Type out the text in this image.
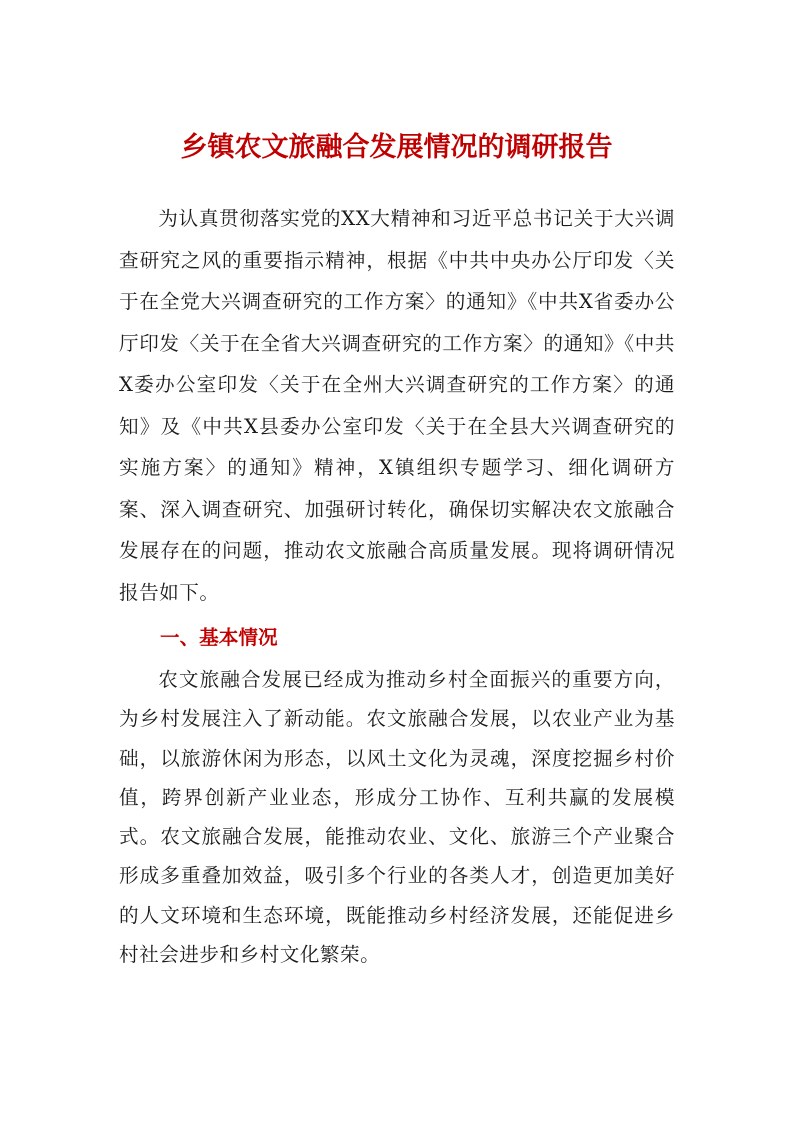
乡镇农文旅融合发展情况的调研报告
为认真贯彻落实党的XX大精神和习近平总书记关于大兴调查研究之风的重要指示精神，根据《中共中央办公厅印发〈关于在全党大兴调查研究的工作方案〉的通知》《中共X省委办公厅印发〈关于在全省大兴调查研究的工作方案〉的通知》《中共X委办公室印发〈关于在全州大兴调查研究的工作方案〉的通知》及《中共X县委办公室印发〈关于在全县大兴调查研究的实施方案〉的通知》精神，X镇组织专题学习、细化调研方案、深入调查研究、加强研讨转化，确保切实解决农文旅融合发展存在的问题，推动农文旅融合高质量发展。现将调研情况报告如下。
一、基本情况
农文旅融合发展已经成为推动乡村全面振兴的重要方向，为乡村发展注入了新动能。农文旅融合发展，以农业产业为基础，以旅游休闲为形态，以风土文化为灵魂，深度挖掘乡村价值，跨界创新产业业态，形成分工协作、互利共赢的发展模式。农文旅融合发展，能推动农业、文化、旅游三个产业聚合形成多重叠加效益，吸引多个行业的各类人才，创造更加美好的人文环境和生态环境，既能推动乡村经济发展，还能促进乡村社会进步和乡村文化繁荣。
